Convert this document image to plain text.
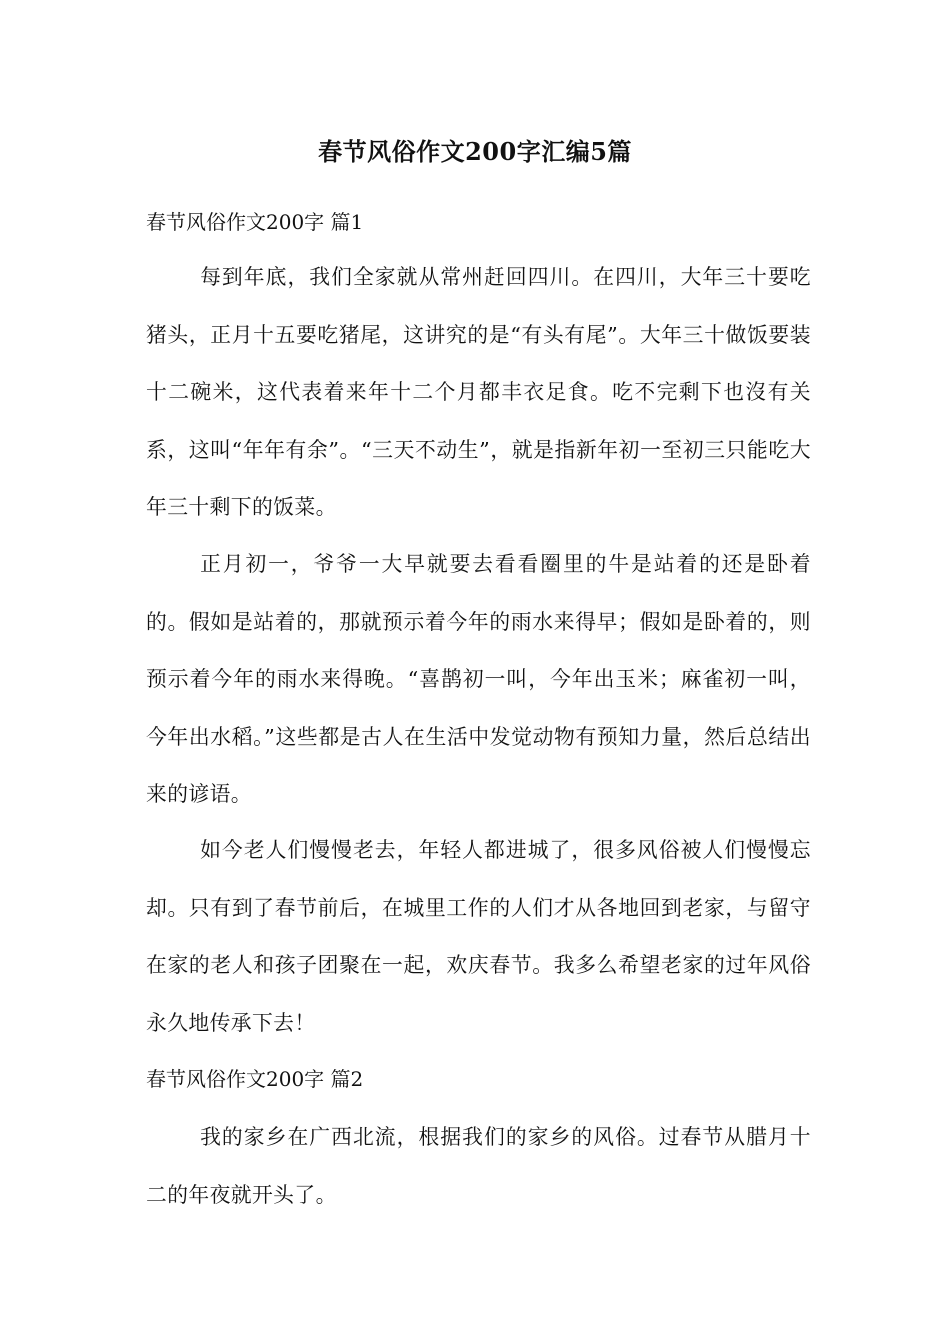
春节风俗作文200字汇编5篇
春节风俗作文200字 篇1
每到年底，我们全家就从常州赶回四川。在四川，大年三十要吃猪头，正月十五要吃猪尾，这讲究的是“有头有尾”。大年三十做饭要装十二碗米，这代表着来年十二个月都丰衣足食。吃不完剩下也沒有关系，这叫“年年有余”。“三天不动生”，就是指新年初一至初三只能吃大年三十剩下的饭菜。
正月初一，爷爷一大早就要去看看圈里的牛是站着的还是卧着的。假如是站着的，那就预示着今年的雨水来得早；假如是卧着的，则预示着今年的雨水来得晚。“喜鹊初一叫，今年出玉米；麻雀初一叫，今年出水稻。”这些都是古人在生活中发觉动物有预知力量，然后总结出来的谚语。
如今老人们慢慢老去，年轻人都进城了，很多风俗被人们慢慢忘却。只有到了春节前后，在城里工作的人们才从各地回到老家，与留守在家的老人和孩子团聚在一起，欢庆春节。我多么希望老家的过年风俗永久地传承下去！
春节风俗作文200字 篇2
我的家乡在广西北流，根据我们的家乡的风俗。过春节从腊月十二的年夜就开头了。
